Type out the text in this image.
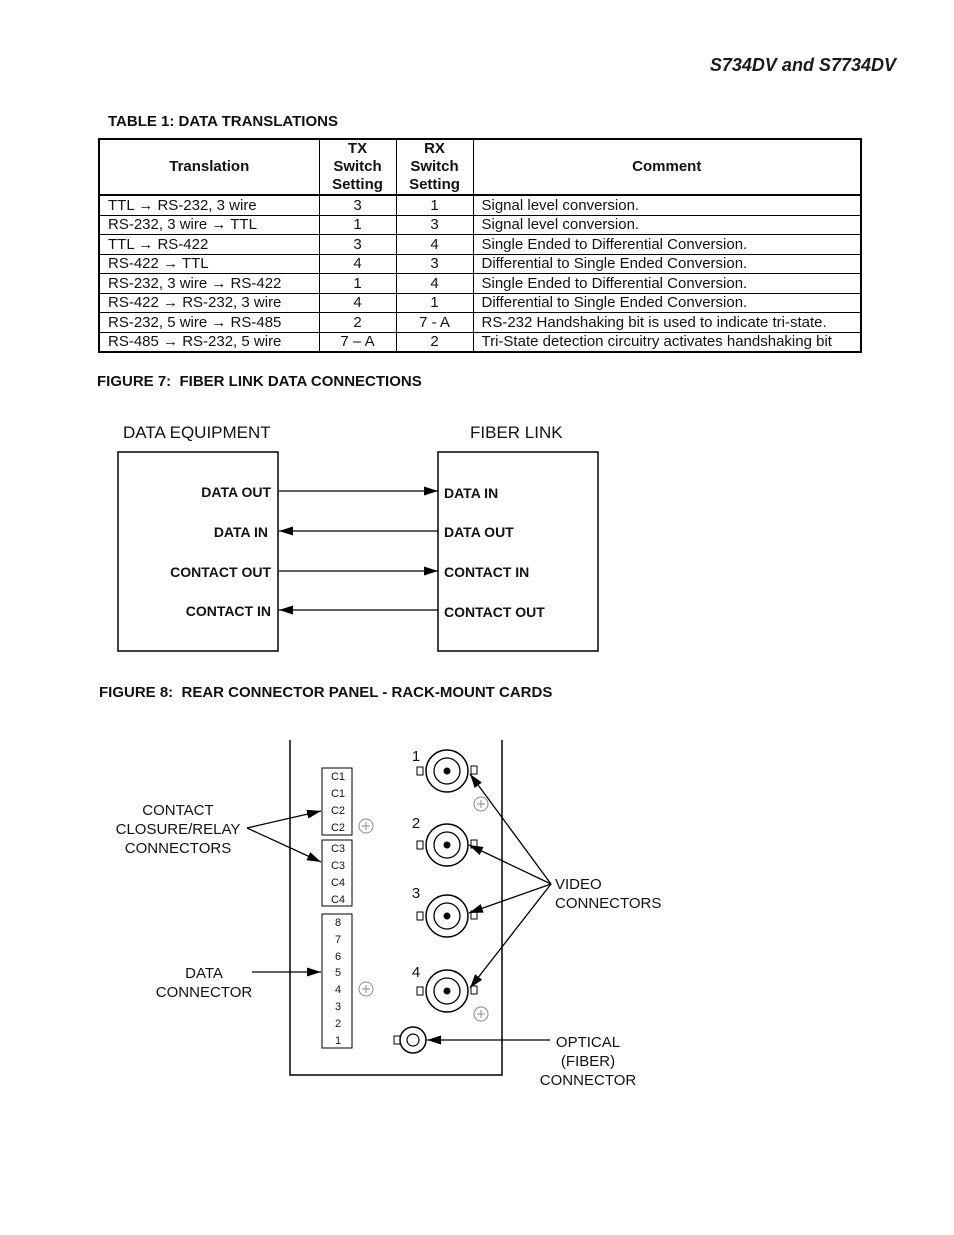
S734DV and S7734DV
TABLE 1: DATA TRANSLATIONS
Translation	TX
Switch
Setting	RX
Switch
Setting	Comment
TTL → RS-232, 3 wire	3	1	Signal level conversion.
RS-232, 3 wire → TTL	1	3	Signal level conversion.
TTL → RS-422	3	4	Single Ended to Differential Conversion.
RS-422 → TTL	4	3	Differential to Single Ended Conversion.
RS-232, 3 wire → RS-422	1	4	Single Ended to Differential Conversion.
RS-422 → RS-232, 3 wire	4	1	Differential to Single Ended Conversion.
RS-232, 5 wire → RS-485	2	7 - A	RS-232 Handshaking bit is used to indicate tri-state.
RS-485 → RS-232, 5 wire	7 – A	2	Tri-State detection circuitry activates handshaking bit
FIGURE 7:  FIBER LINK DATA CONNECTIONS
FIGURE 8:  REAR CONNECTOR PANEL - RACK-MOUNT CARDS
DATA EQUIPMENT	FIBER LINK
DATA OUT
DATA IN
CONTACT OUT
CONTACT IN
DATA IN
DATA OUT
CONTACT IN
CONTACT OUT
C1
C1
C2
C2
C3
C3
C4
C4
8
7
6
5
4
3
2
1
1
2
3
4
CONTACT
CLOSURE/RELAY
CONNECTORS
DATA
CONNECTOR
VIDEO
CONNECTORS
OPTICAL
(FIBER)
CONNECTOR
